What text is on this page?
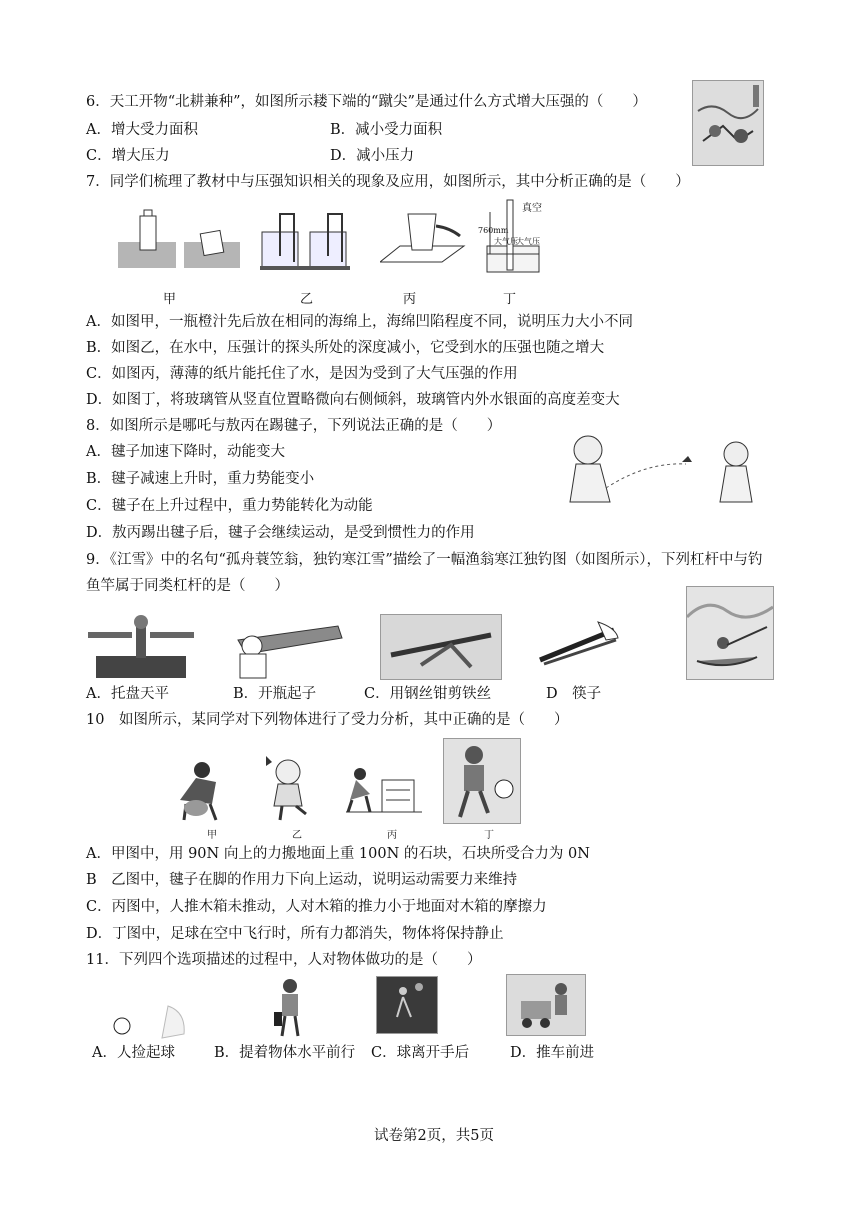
6．天工开物“北耕兼种”，如图所示耧下端的“蹴尖”是通过什么方式增大压强的（　　）
A．增大受力面积	B．减小受力面积
C．增大压力	D．减小压力
7．同学们梳理了教材中与压强知识相关的现象及应用，如图所示，其中分析正确的是（　　）
真空
760mm
大气压
大气压
甲	乙	丙	丁
A．如图甲，一瓶橙汁先后放在相同的海绵上，海绵凹陷程度不同，说明压力大小不同
B．如图乙，在水中，压强计的探头所处的深度减小，它受到水的压强也随之增大
C．如图丙，薄薄的纸片能托住了水，是因为受到了大气压强的作用
D．如图丁，将玻璃管从竖直位置略微向右侧倾斜，玻璃管内外水银面的高度差变大
8．如图所示是哪吒与敖丙在踢毽子，下列说法正确的是（　　）
A．毽子加速下降时，动能变大
B．毽子减速上升时，重力势能变小
C．毽子在上升过程中，重力势能转化为动能
D．敖丙踢出毽子后，毽子会继续运动，是受到惯性力的作用
9．《江雪》中的名句“孤舟蓑笠翁，独钓寒江雪”描绘了一幅渔翁寒江独钓图（如图所示），下列杠杆中与钓
鱼竿属于同类杠杆的是（　　）
A．托盘天平	B．开瓶起子	C．用钢丝钳剪铁丝	D　筷子
10　如图所示，某同学对下列物体进行了受力分析，其中正确的是（　　）
甲	乙	丙	丁
A．甲图中，用 90N 向上的力搬地面上重 100N 的石块，石块所受合力为 0N
B　乙图中，毽子在脚的作用力下向上运动，说明运动需要力来维持
C．丙图中，人推木箱未推动，人对木箱的推力小于地面对木箱的摩擦力
D．丁图中，足球在空中飞行时，所有力都消失，物体将保持静止
11．下列四个选项描述的过程中，人对物体做功的是（　　）
A．人捡起球	B．提着物体水平前行 C．球离开手后	D．推车前进
试卷第2页，共5页
